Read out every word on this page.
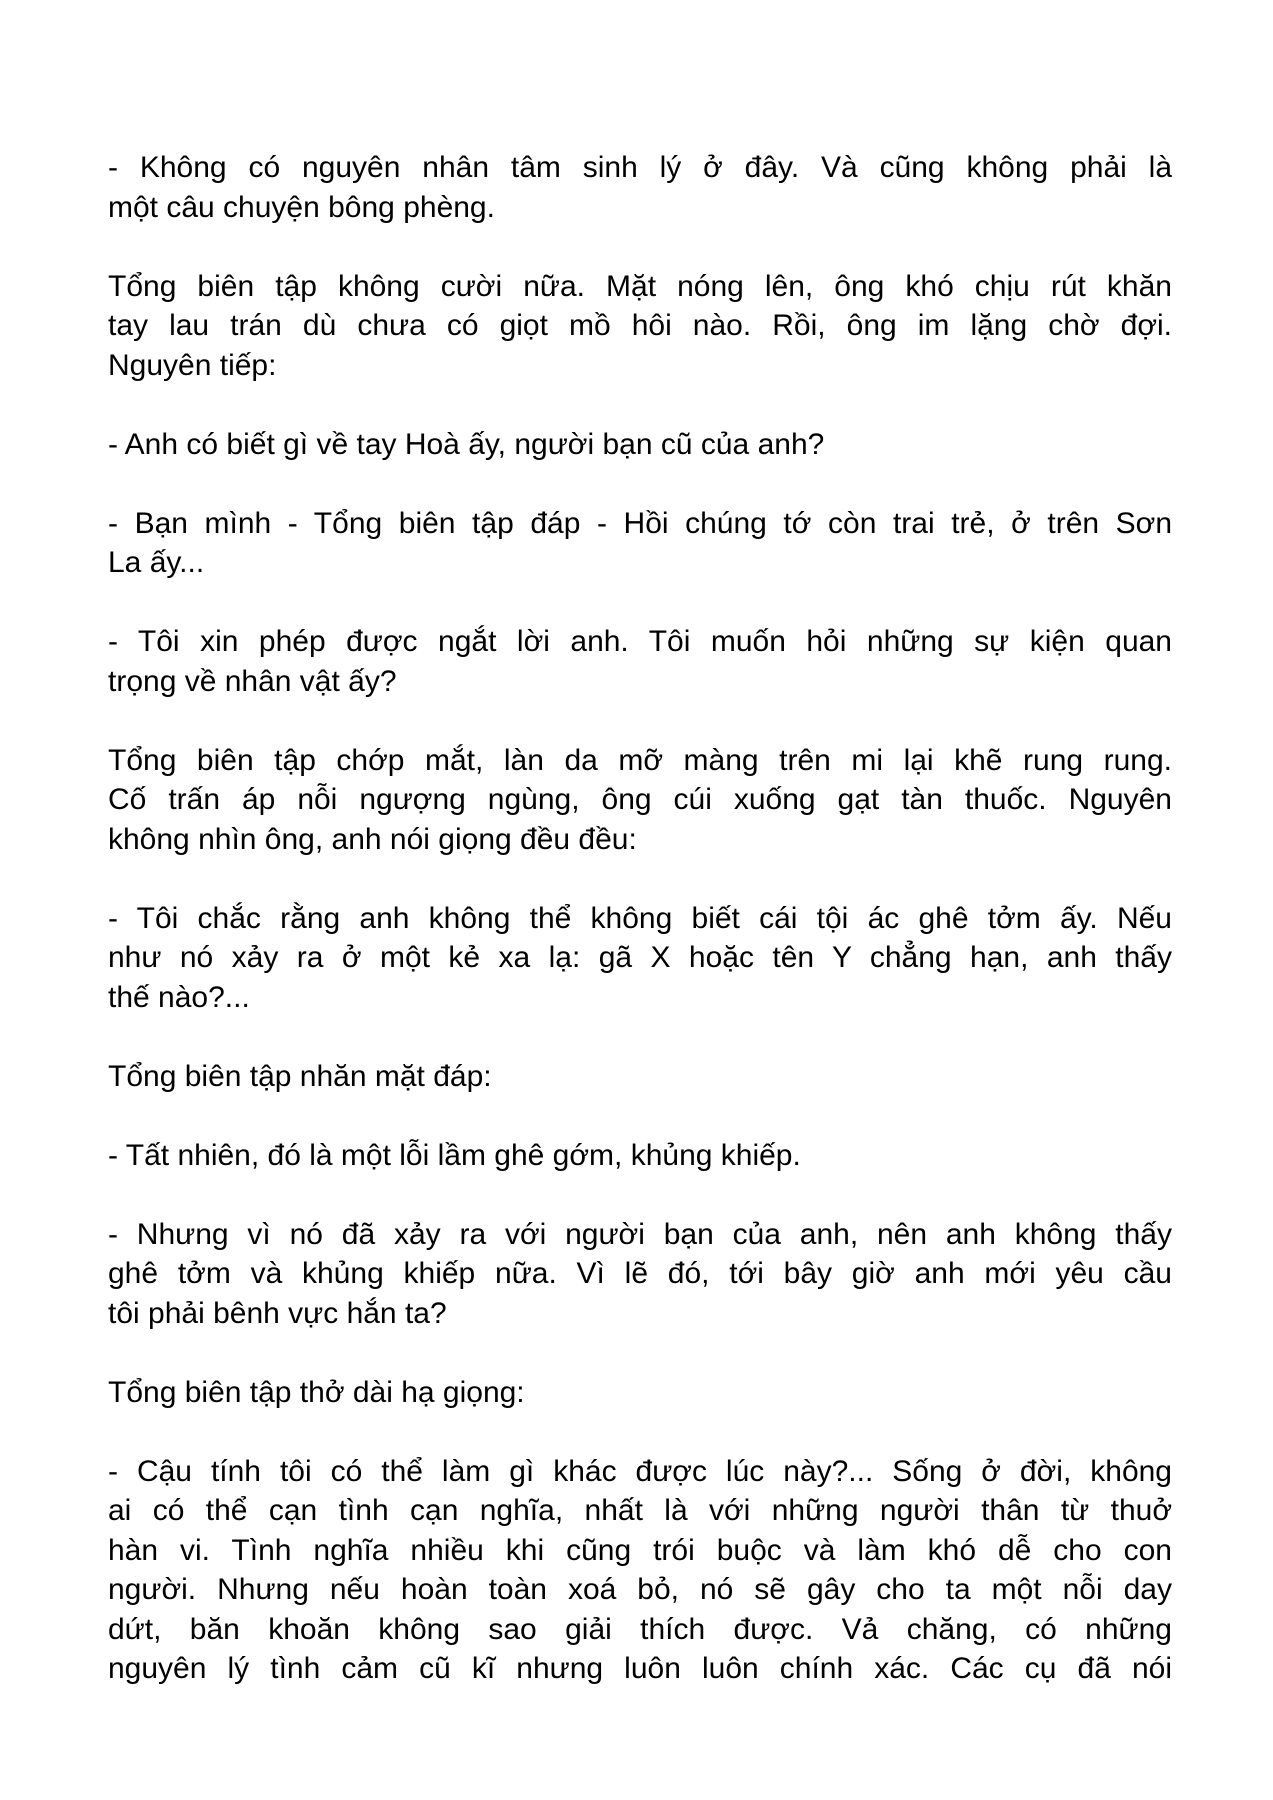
- Không có nguyên nhân tâm sinh lý ở đây. Và cũng không phải là
một câu chuyện bông phèng.
Tổng biên tập không cười nữa. Mặt nóng lên, ông khó chịu rút khăn
tay lau trán dù chưa có giọt mồ hôi nào. Rồi, ông im lặng chờ đợi.
Nguyên tiếp:
- Anh có biết gì về tay Hoà ấy, người bạn cũ của anh?
- Bạn mình - Tổng biên tập đáp - Hồi chúng tớ còn trai trẻ, ở trên Sơn
La ấy...
- Tôi xin phép được ngắt lời anh. Tôi muốn hỏi những sự kiện quan
trọng về nhân vật ấy?
Tổng biên tập chớp mắt, làn da mỡ màng trên mi lại khẽ rung rung.
Cố trấn áp nỗi ngượng ngùng, ông cúi xuống gạt tàn thuốc. Nguyên
không nhìn ông, anh nói giọng đều đều:
- Tôi chắc rằng anh không thể không biết cái tội ác ghê tởm ấy. Nếu
như nó xảy ra ở một kẻ xa lạ: gã X hoặc tên Y chẳng hạn, anh thấy
thế nào?...
Tổng biên tập nhăn mặt đáp:
- Tất nhiên, đó là một lỗi lầm ghê gớm, khủng khiếp.
- Nhưng vì nó đã xảy ra với người bạn của anh, nên anh không thấy
ghê tởm và khủng khiếp nữa. Vì lẽ đó, tới bây giờ anh mới yêu cầu
tôi phải bênh vực hắn ta?
Tổng biên tập thở dài hạ giọng:
- Cậu tính tôi có thể làm gì khác được lúc này?... Sống ở đời, không
ai có thể cạn tình cạn nghĩa, nhất là với những người thân từ thuở
hàn vi. Tình nghĩa nhiều khi cũng trói buộc và làm khó dễ cho con
người. Nhưng nếu hoàn toàn xoá bỏ, nó sẽ gây cho ta một nỗi day
dứt, băn khoăn không sao giải thích được. Vả chăng, có những
nguyên lý tình cảm cũ kĩ nhưng luôn luôn chính xác. Các cụ đã nói
